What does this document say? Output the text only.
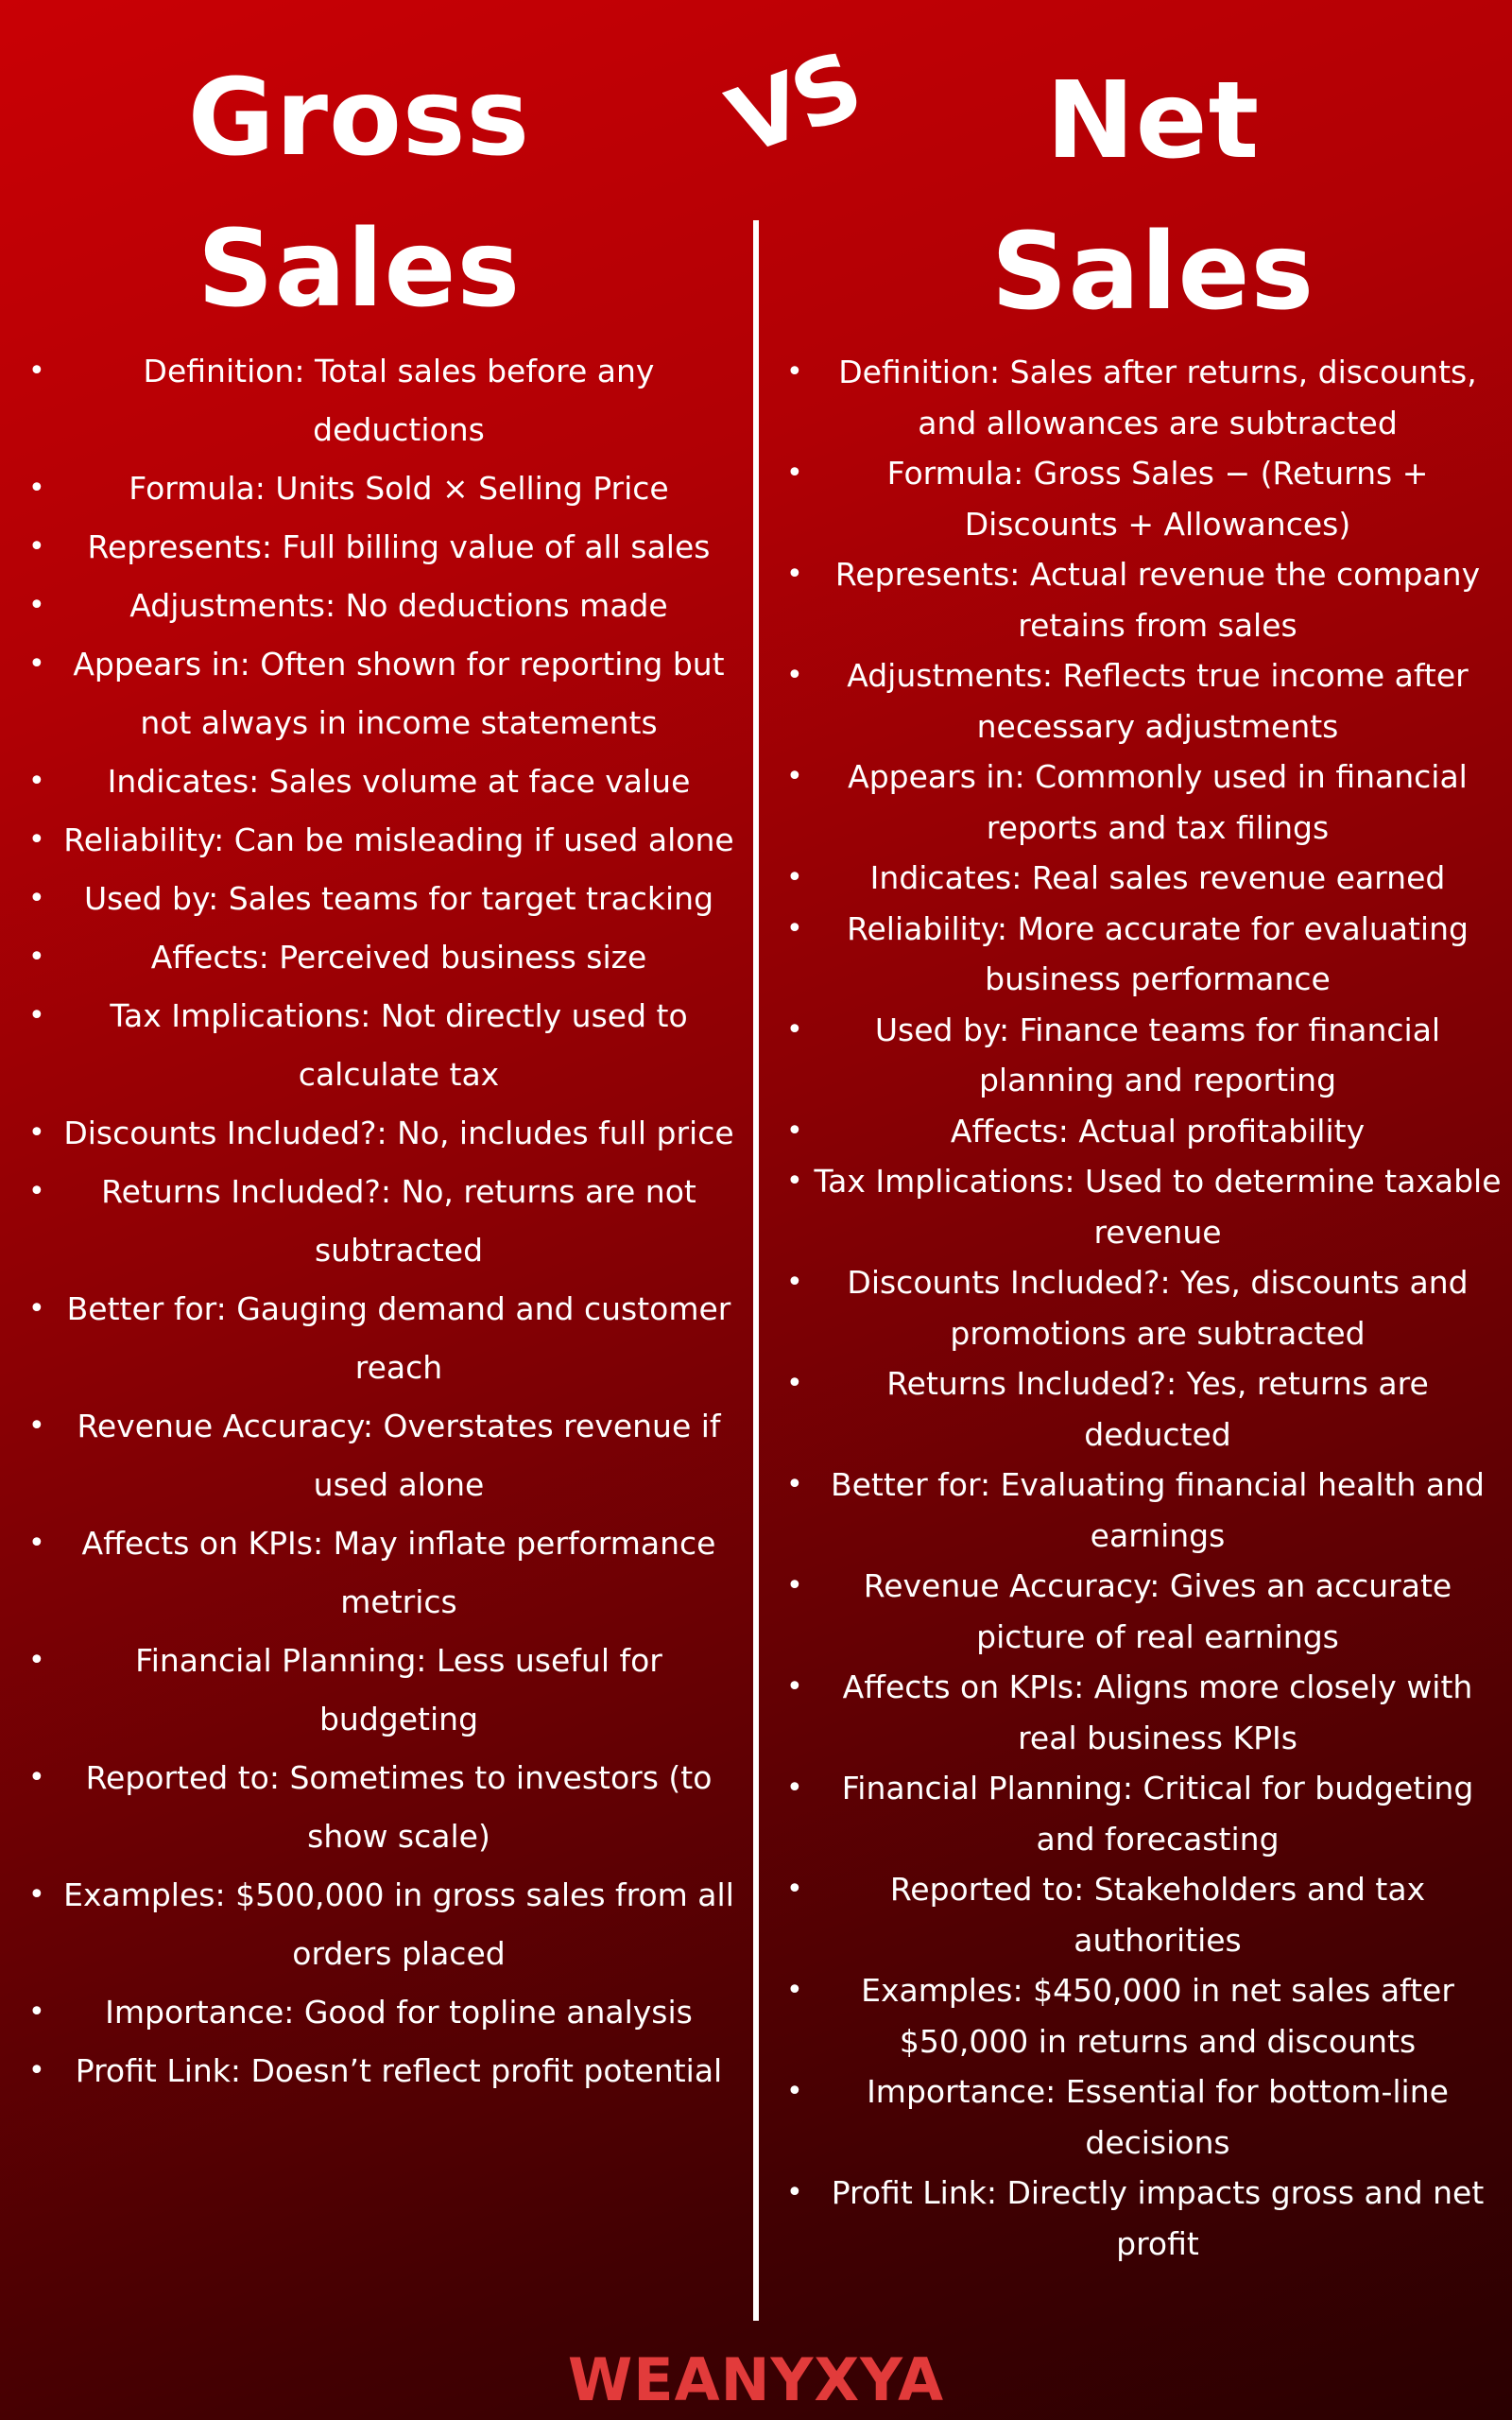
Gross
Sales
VS	Net
Sales
•	Definition: Total sales before any deductions
•	Formula: Units Sold × Selling Price
•	Represents: Full billing value of all sales
•	Adjustments: No deductions made
• Appears in: Often shown for reporting but not always in income statements
•	Indicates: Sales volume at face value
• Reliability: Can be misleading if used alone
•	Used by: Sales teams for target tracking
•	Affects: Perceived business size
•	Tax Implications: Not directly used to calculate tax
• Discounts Included?: No, includes full price
•	Returns Included?: No, returns are not subtracted
• Better for: Gauging demand and customer reach
•	Revenue Accuracy: Overstates revenue if used alone
•	Affects on KPIs: May inflate performance metrics
•	Financial Planning: Less useful for budgeting
•	Reported to: Sometimes to investors (to show scale)
• Examples: $500,000 in gross sales from all orders placed
•	Importance: Good for topline analysis
• Profit Link: Doesn’t reflect profit potential
• Definition: Sales after returns, discounts, and allowances are subtracted
•	Formula: Gross Sales − (Returns + Discounts + Allowances)
• Represents: Actual revenue the company retains from sales
• Adjustments: Reflects true income after necessary adjustments
• Appears in: Commonly used in financial reports and tax filings
• Indicates: Real sales revenue earned
• Reliability: More accurate for evaluating business performance
• Used by: Finance teams for financial planning and reporting
•	Affects: Actual profitability
• Tax Implications: Used to determine taxable revenue
• Discounts Included?: Yes, discounts and promotions are subtracted
•	Returns Included?: Yes, returns are deducted
• Better for: Evaluating financial health and earnings
• Revenue Accuracy: Gives an accurate picture of real earnings
• Affects on KPIs: Aligns more closely with real business KPIs
• Financial Planning: Critical for budgeting and forecasting
•	Reported to: Stakeholders and tax authorities
• Examples: $450,000 in net sales after $50,000 in returns and discounts
• Importance: Essential for bottom-line decisions
• Profit Link: Directly impacts gross and net profit
WEANYXYA
